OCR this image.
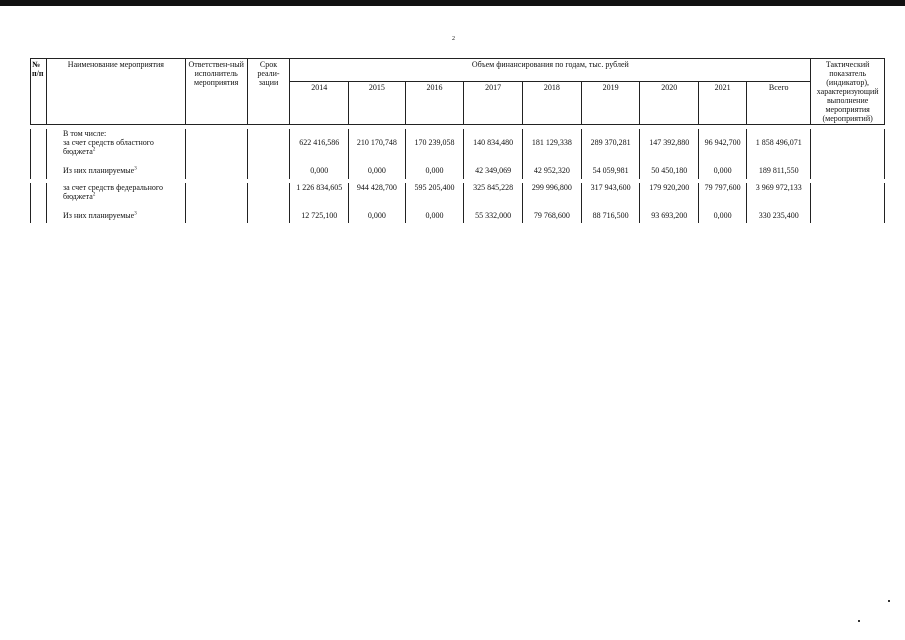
2
№ п/п	Наименование мероприятия	Ответствен-ный исполнитель мероприятия	Срок реали-зации	Объем финансирования по годам, тыс. рублей									Тактический показатель (индикатор), характеризующий выполнение мероприятия (мероприятий)
				2014	2015	2016	2017	2018	2019	2020	2021	Всего	

	В том числе:												
	за счет средств областного бюджета$^2$			622 416,586	210 170,748	170 239,058	140 834,480	181 129,338	289 370,281	147 392,880	96 942,700	1 858 496,071	
	Из них планируемые$^3$			0,000	0,000	0,000	42 349,069	42 952,320	54 059,981	50 450,180	0,000	189 811,550	

	за счет средств федерального бюджета$^2$			1 226 834,605	944 428,700	595 205,400	325 845,228	299 996,800	317 943,600	179 920,200	79 797,600	3 969 972,133	
	Из них планируемые$^3$			12 725,100	0,000	0,000	55 332,000	79 768,600	88 716,500	93 693,200	0,000	330 235,400	
